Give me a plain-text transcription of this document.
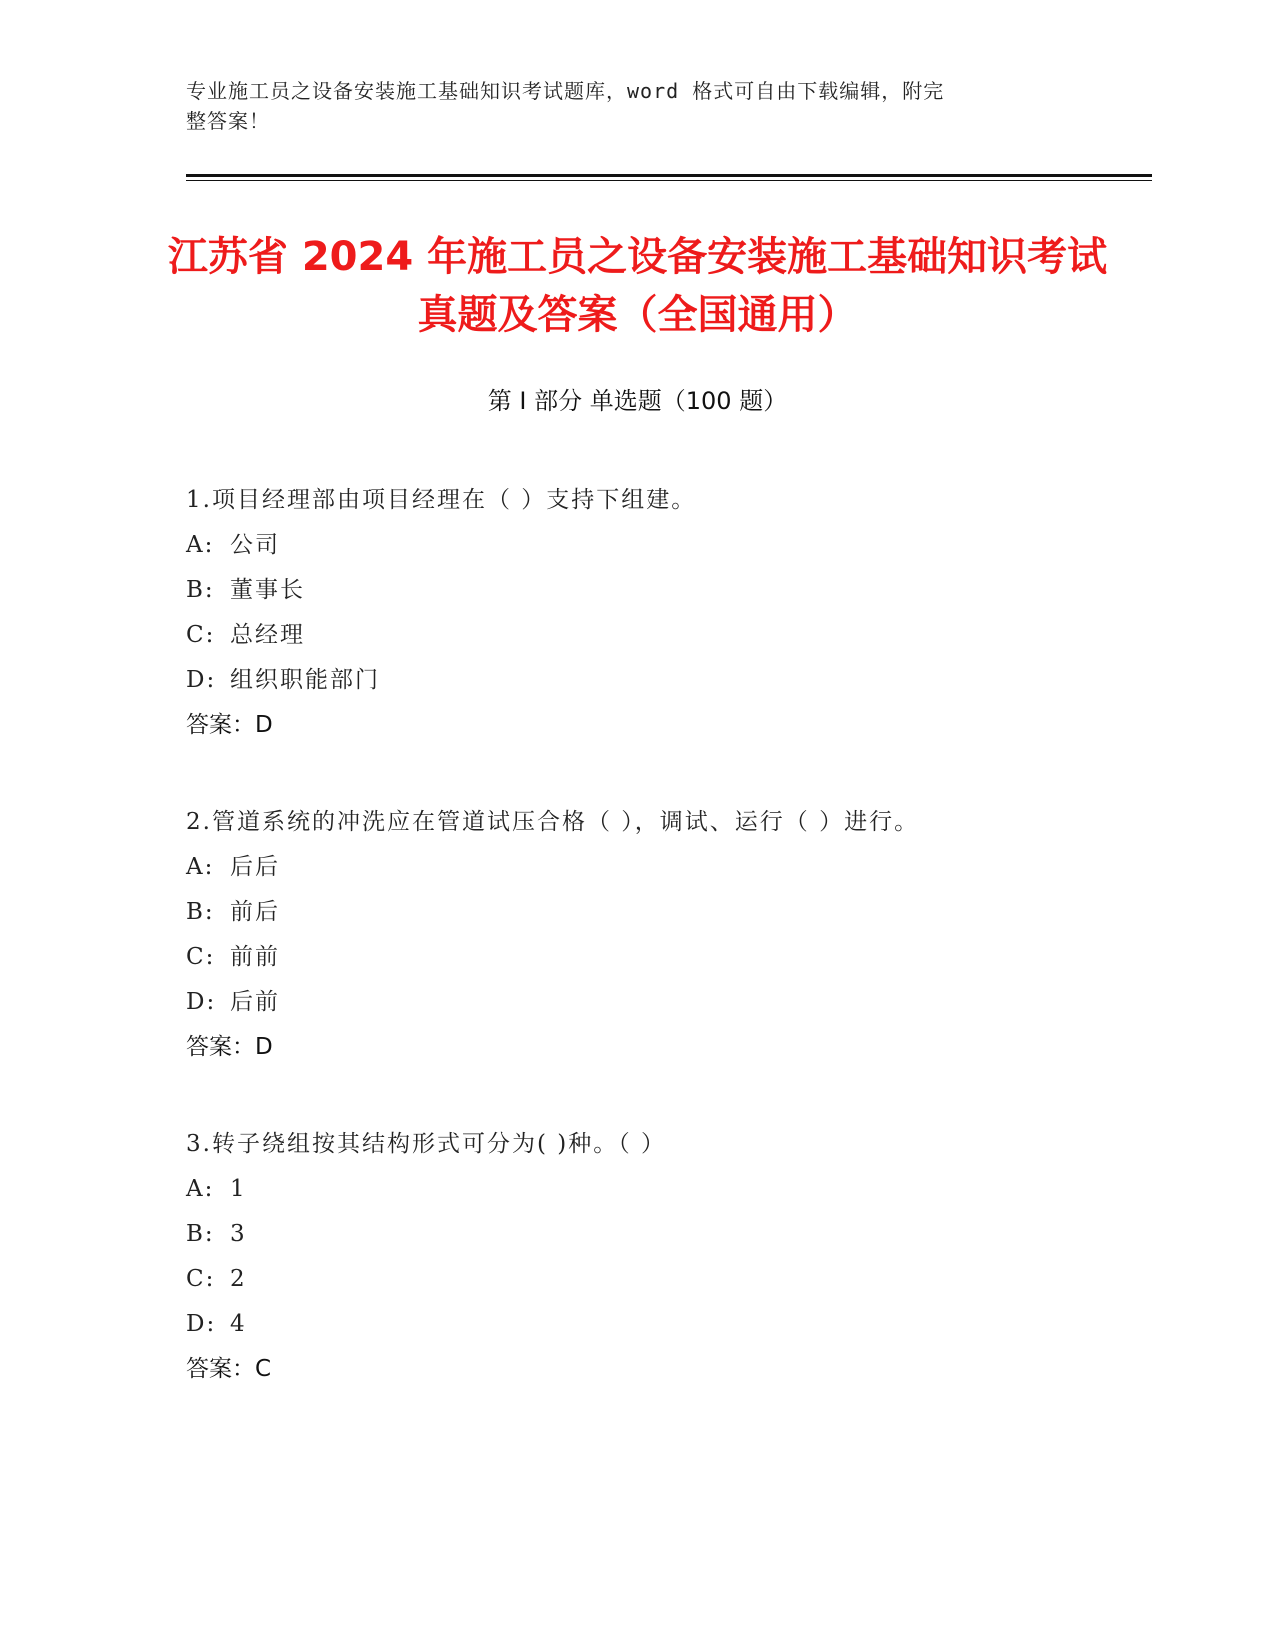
专业施工员之设备安装施工基础知识考试题库，word 格式可自由下载编辑，附完
整答案！
江苏省 2024 年施工员之设备安装施工基础知识考试真题及答案（全国通用）
第 I 部分 单选题（100 题）
1.项目经理部由项目经理在（ ）支持下组建。
A: 公司
B: 董事长
C: 总经理
D: 组织职能部门
答案：D
2.管道系统的冲洗应在管道试压合格（ ），调试、运行（ ）进行。
A: 后后
B: 前后
C: 前前
D: 后前
答案：D
3.转子绕组按其结构形式可分为( )种。（ ）
A: 1
B: 3
C: 2
D: 4
答案：C
